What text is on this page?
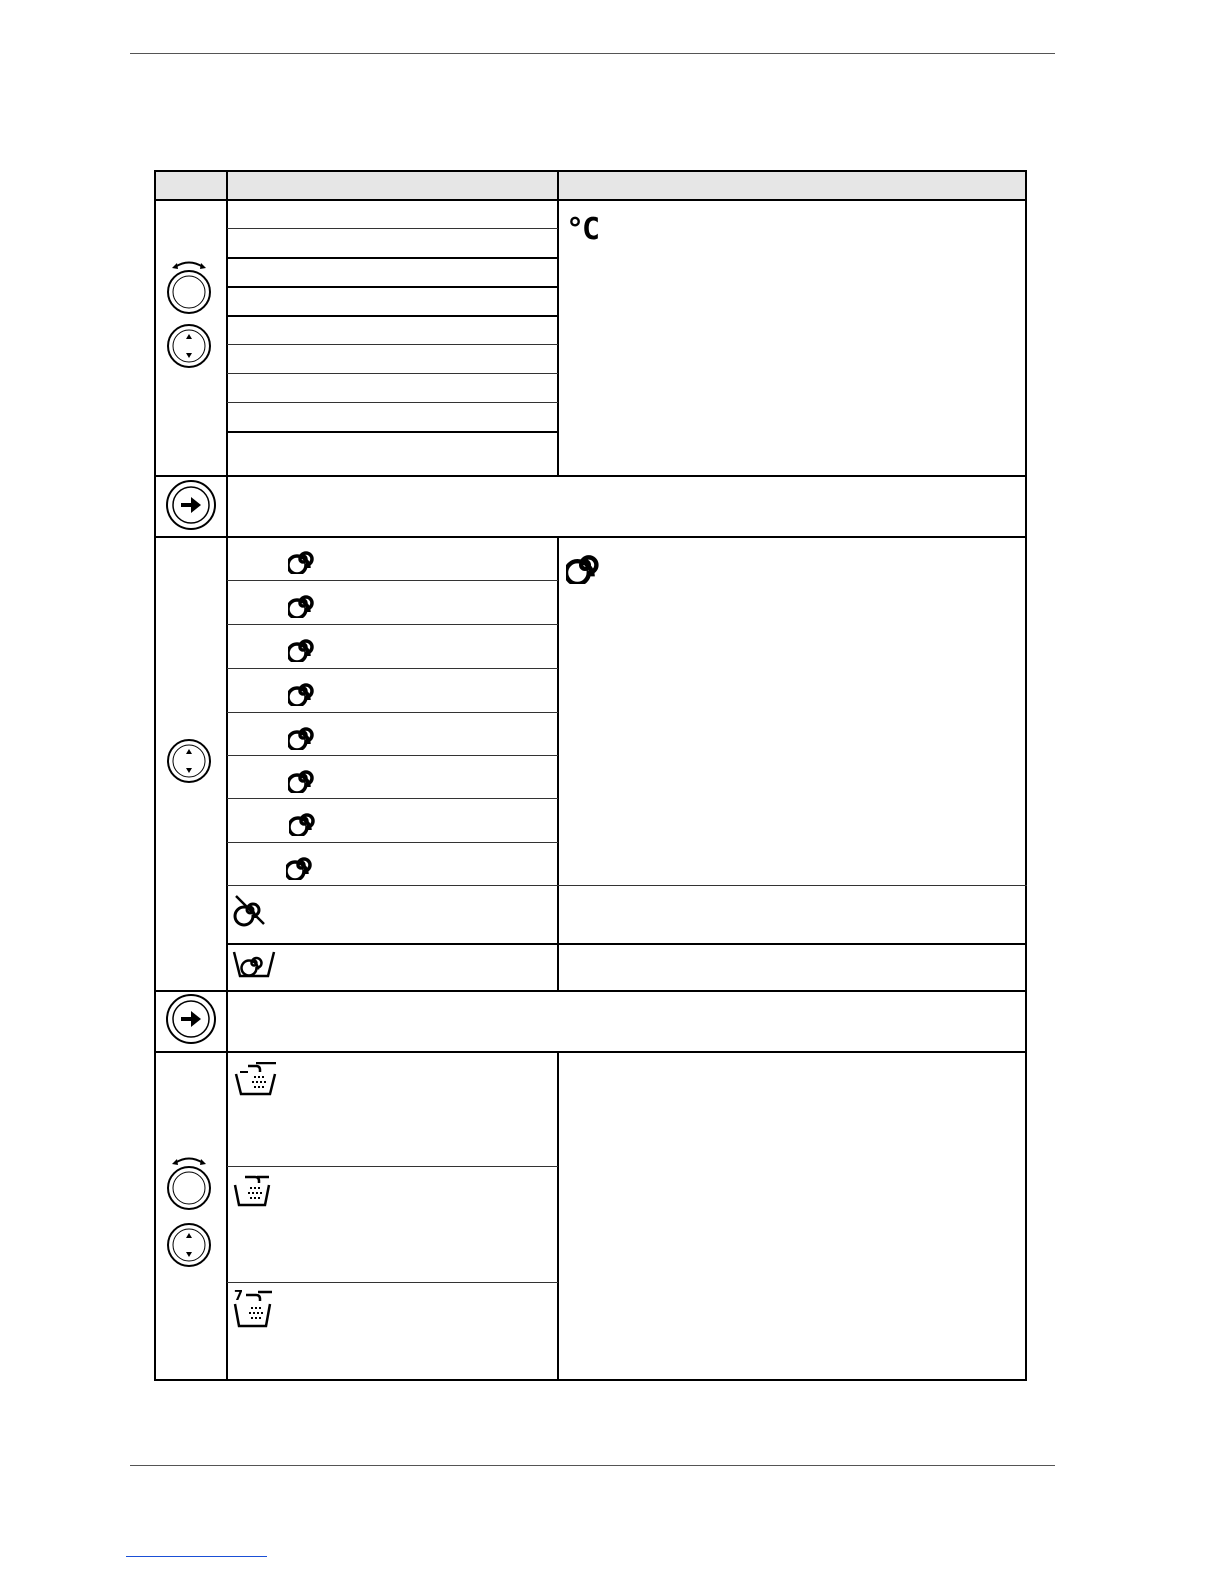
°C
7
